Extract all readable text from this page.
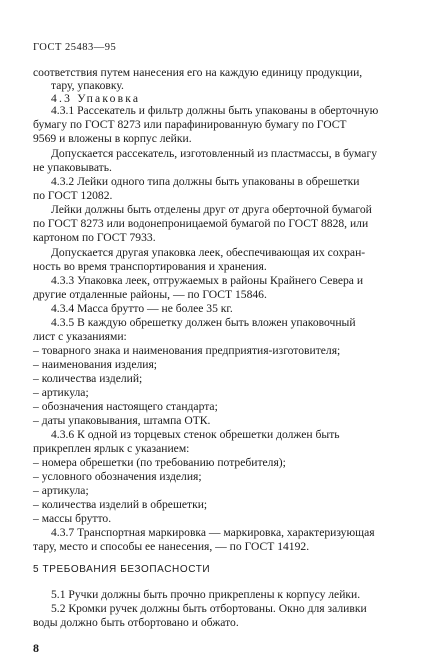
ГОСТ 25483—95
соответствия путем нанесения его на каждую единицу продукции,
тару, упаковку.
4.3 Упаковка
4.3.1 Рассекатель и фильтр должны быть упакованы в оберточную
бумагу по ГОСТ 8273 или парафинированную бумагу по ГОСТ
9569 и вложены в корпус лейки.
Допускается рассекатель, изготовленный из пластмассы, в бумагу
не упаковывать.
4.3.2 Лейки одного типа должны быть упакованы в обрешетки
по ГОСТ 12082.
Лейки должны быть отделены друг от друга оберточной бумагой
по ГОСТ 8273 или водонепроницаемой бумагой по ГОСТ 8828, или
картоном по ГОСТ 7933.
Допускается другая упаковка леек, обеспечивающая их сохран-
ность во время транспортирования и хранения.
4.3.3 Упаковка леек, отгружаемых в районы Крайнего Севера и
другие отдаленные районы, — по ГОСТ 15846.
4.3.4 Масса брутто — не более 35 кг.
4.3.5 В каждую обрешетку должен быть вложен упаковочный
лист с указаниями:
– товарного знака и наименования предприятия-изготовителя;
– наименования изделия;
– количества изделий;
– артикула;
– обозначения настоящего стандарта;
– даты упаковывания, штампа ОТК.
4.3.6 К одной из торцевых стенок обрешетки должен быть
прикреплен ярлык с указанием:
– номера обрешетки (по требованию потребителя);
– условного обозначения изделия;
– артикула;
– количества изделий в обрешетки;
– массы брутто.
4.3.7 Транспортная маркировка — маркировка, характеризующая
тару, место и способы ее нанесения, — по ГОСТ 14192.
5 ТРЕБОВАНИЯ БЕЗОПАСНОСТИ
5.1 Ручки должны быть прочно прикреплены к корпусу лейки.
5.2 Кромки ручек должны быть отбортованы. Окно для заливки
воды должно быть отбортовано и обжато.
8
